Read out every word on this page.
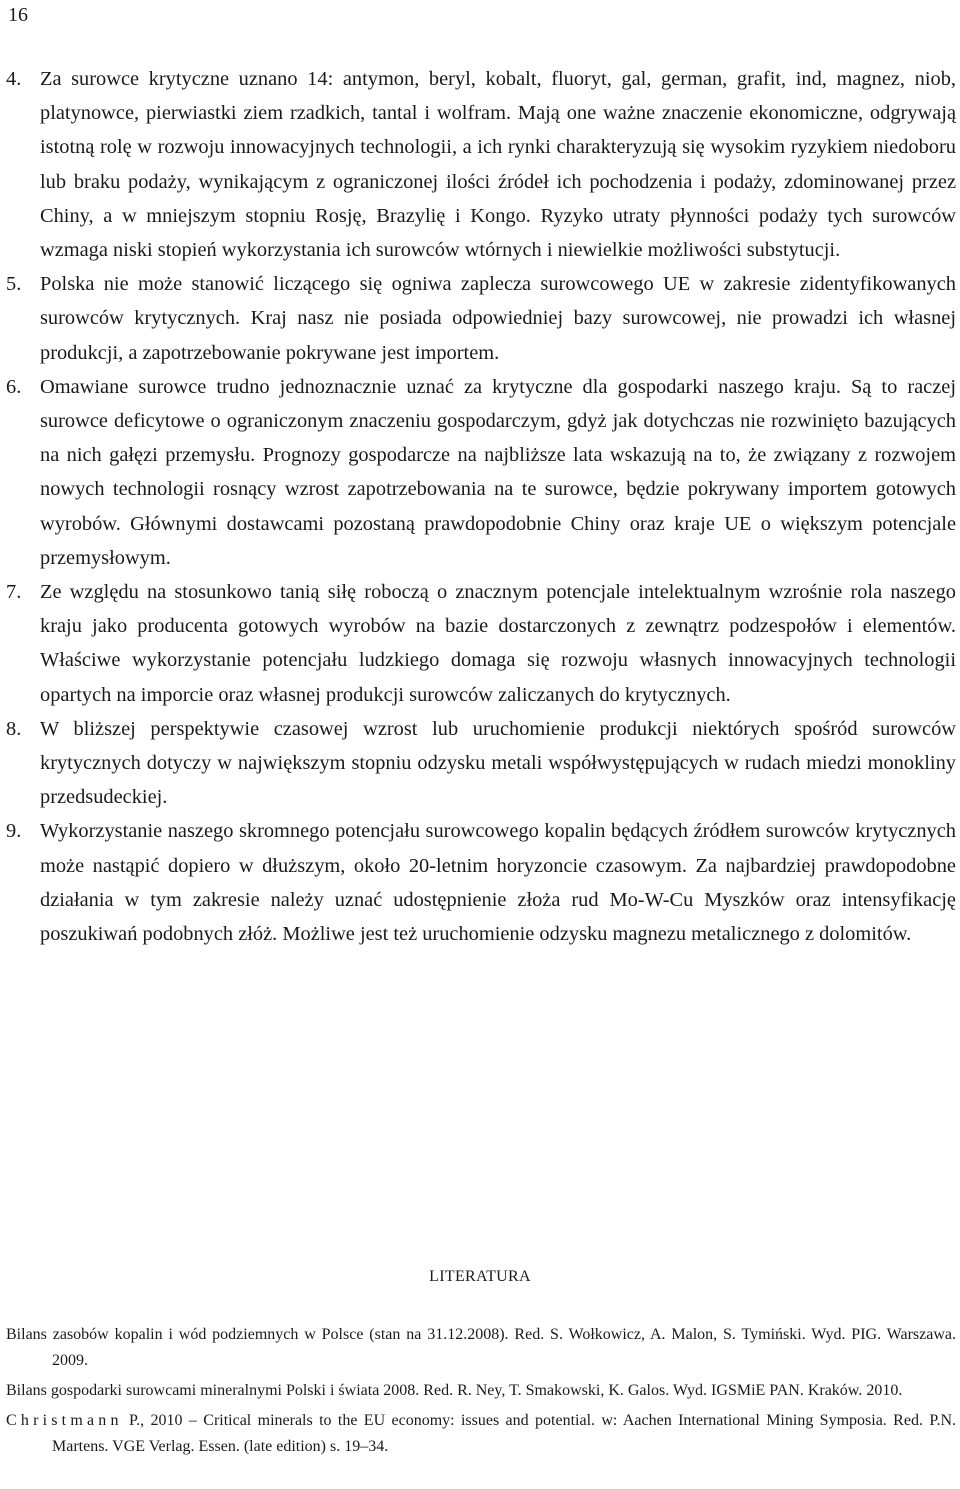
16
4. Za surowce krytyczne uznano 14: antymon, beryl, kobalt, fluoryt, gal, german, grafit, ind, magnez, niob, platynowce, pierwiastki ziem rzadkich, tantal i wolfram. Mają one ważne znaczenie ekonomiczne, odgrywają istotną rolę w rozwoju innowacyjnych technologii, a ich rynki charakteryzują się wysokim ryzykiem niedoboru lub braku podaży, wynikającym z ograniczonej ilości źródeł ich pochodzenia i podaży, zdominowanej przez Chiny, a w mniejszym stopniu Rosję, Brazylię i Kongo. Ryzyko utraty płynności podaży tych surowców wzmaga niski stopień wykorzystania ich surowców wtórnych i niewielkie możliwości substytucji.
5. Polska nie może stanowić liczącego się ogniwa zaplecza surowcowego UE w zakresie zidentyfikowanych surowców krytycznych. Kraj nasz nie posiada odpowiedniej bazy surowcowej, nie prowadzi ich własnej produkcji, a zapotrzebowanie pokrywane jest importem.
6. Omawiane surowce trudno jednoznacznie uznać za krytyczne dla gospodarki naszego kraju. Są to raczej surowce deficytowe o ograniczonym znaczeniu gospodarczym, gdyż jak dotychczas nie rozwinięto bazujących na nich gałęzi przemysłu. Prognozy gospodarcze na najbliższe lata wskazują na to, że związany z rozwojem nowych technologii rosnący wzrost zapotrzebowania na te surowce, będzie pokrywany importem gotowych wyrobów. Głównymi dostawcami pozostaną prawdopodobnie Chiny oraz kraje UE o większym potencjale przemysłowym.
7. Ze względu na stosunkowo tanią siłę roboczą o znacznym potencjale intelektualnym wzrośnie rola naszego kraju jako producenta gotowych wyrobów na bazie dostarczonych z zewnątrz podzespołów i elementów. Właściwe wykorzystanie potencjału ludzkiego domaga się rozwoju własnych innowacyjnych technologii opartych na imporcie oraz własnej produkcji surowców zaliczanych do krytycznych.
8. W bliższej perspektywie czasowej wzrost lub uruchomienie produkcji niektórych spośród surowców krytycznych dotyczy w największym stopniu odzysku metali współwystępujących w rudach miedzi monokliny przedsudeckiej.
9. Wykorzystanie naszego skromnego potencjału surowcowego kopalin będących źródłem surowców krytycznych może nastąpić dopiero w dłuższym, około 20-letnim horyzoncie czasowym. Za najbardziej prawdopodobne działania w tym zakresie należy uznać udostępnienie złoża rud Mo-W-Cu Myszków oraz intensyfikację poszukiwań podobnych złóż. Możliwe jest też uruchomienie odzysku magnezu metalicznego z dolomitów.
LITERATURA
Bilans zasobów kopalin i wód podziemnych w Polsce (stan na 31.12.2008). Red. S. Wołkowicz, A. Malon, S. Tymiński. Wyd. PIG. Warszawa. 2009.
Bilans gospodarki surowcami mineralnymi Polski i świata 2008. Red. R. Ney, T. Smakowski, K. Galos. Wyd. IGSMiE PAN. Kraków. 2010.
Christmann P., 2010 – Critical minerals to the EU economy: issues and potential. w: Aachen International Mining Symposia. Red. P.N. Martens. VGE Verlag. Essen. (late edition) s. 19–34.
